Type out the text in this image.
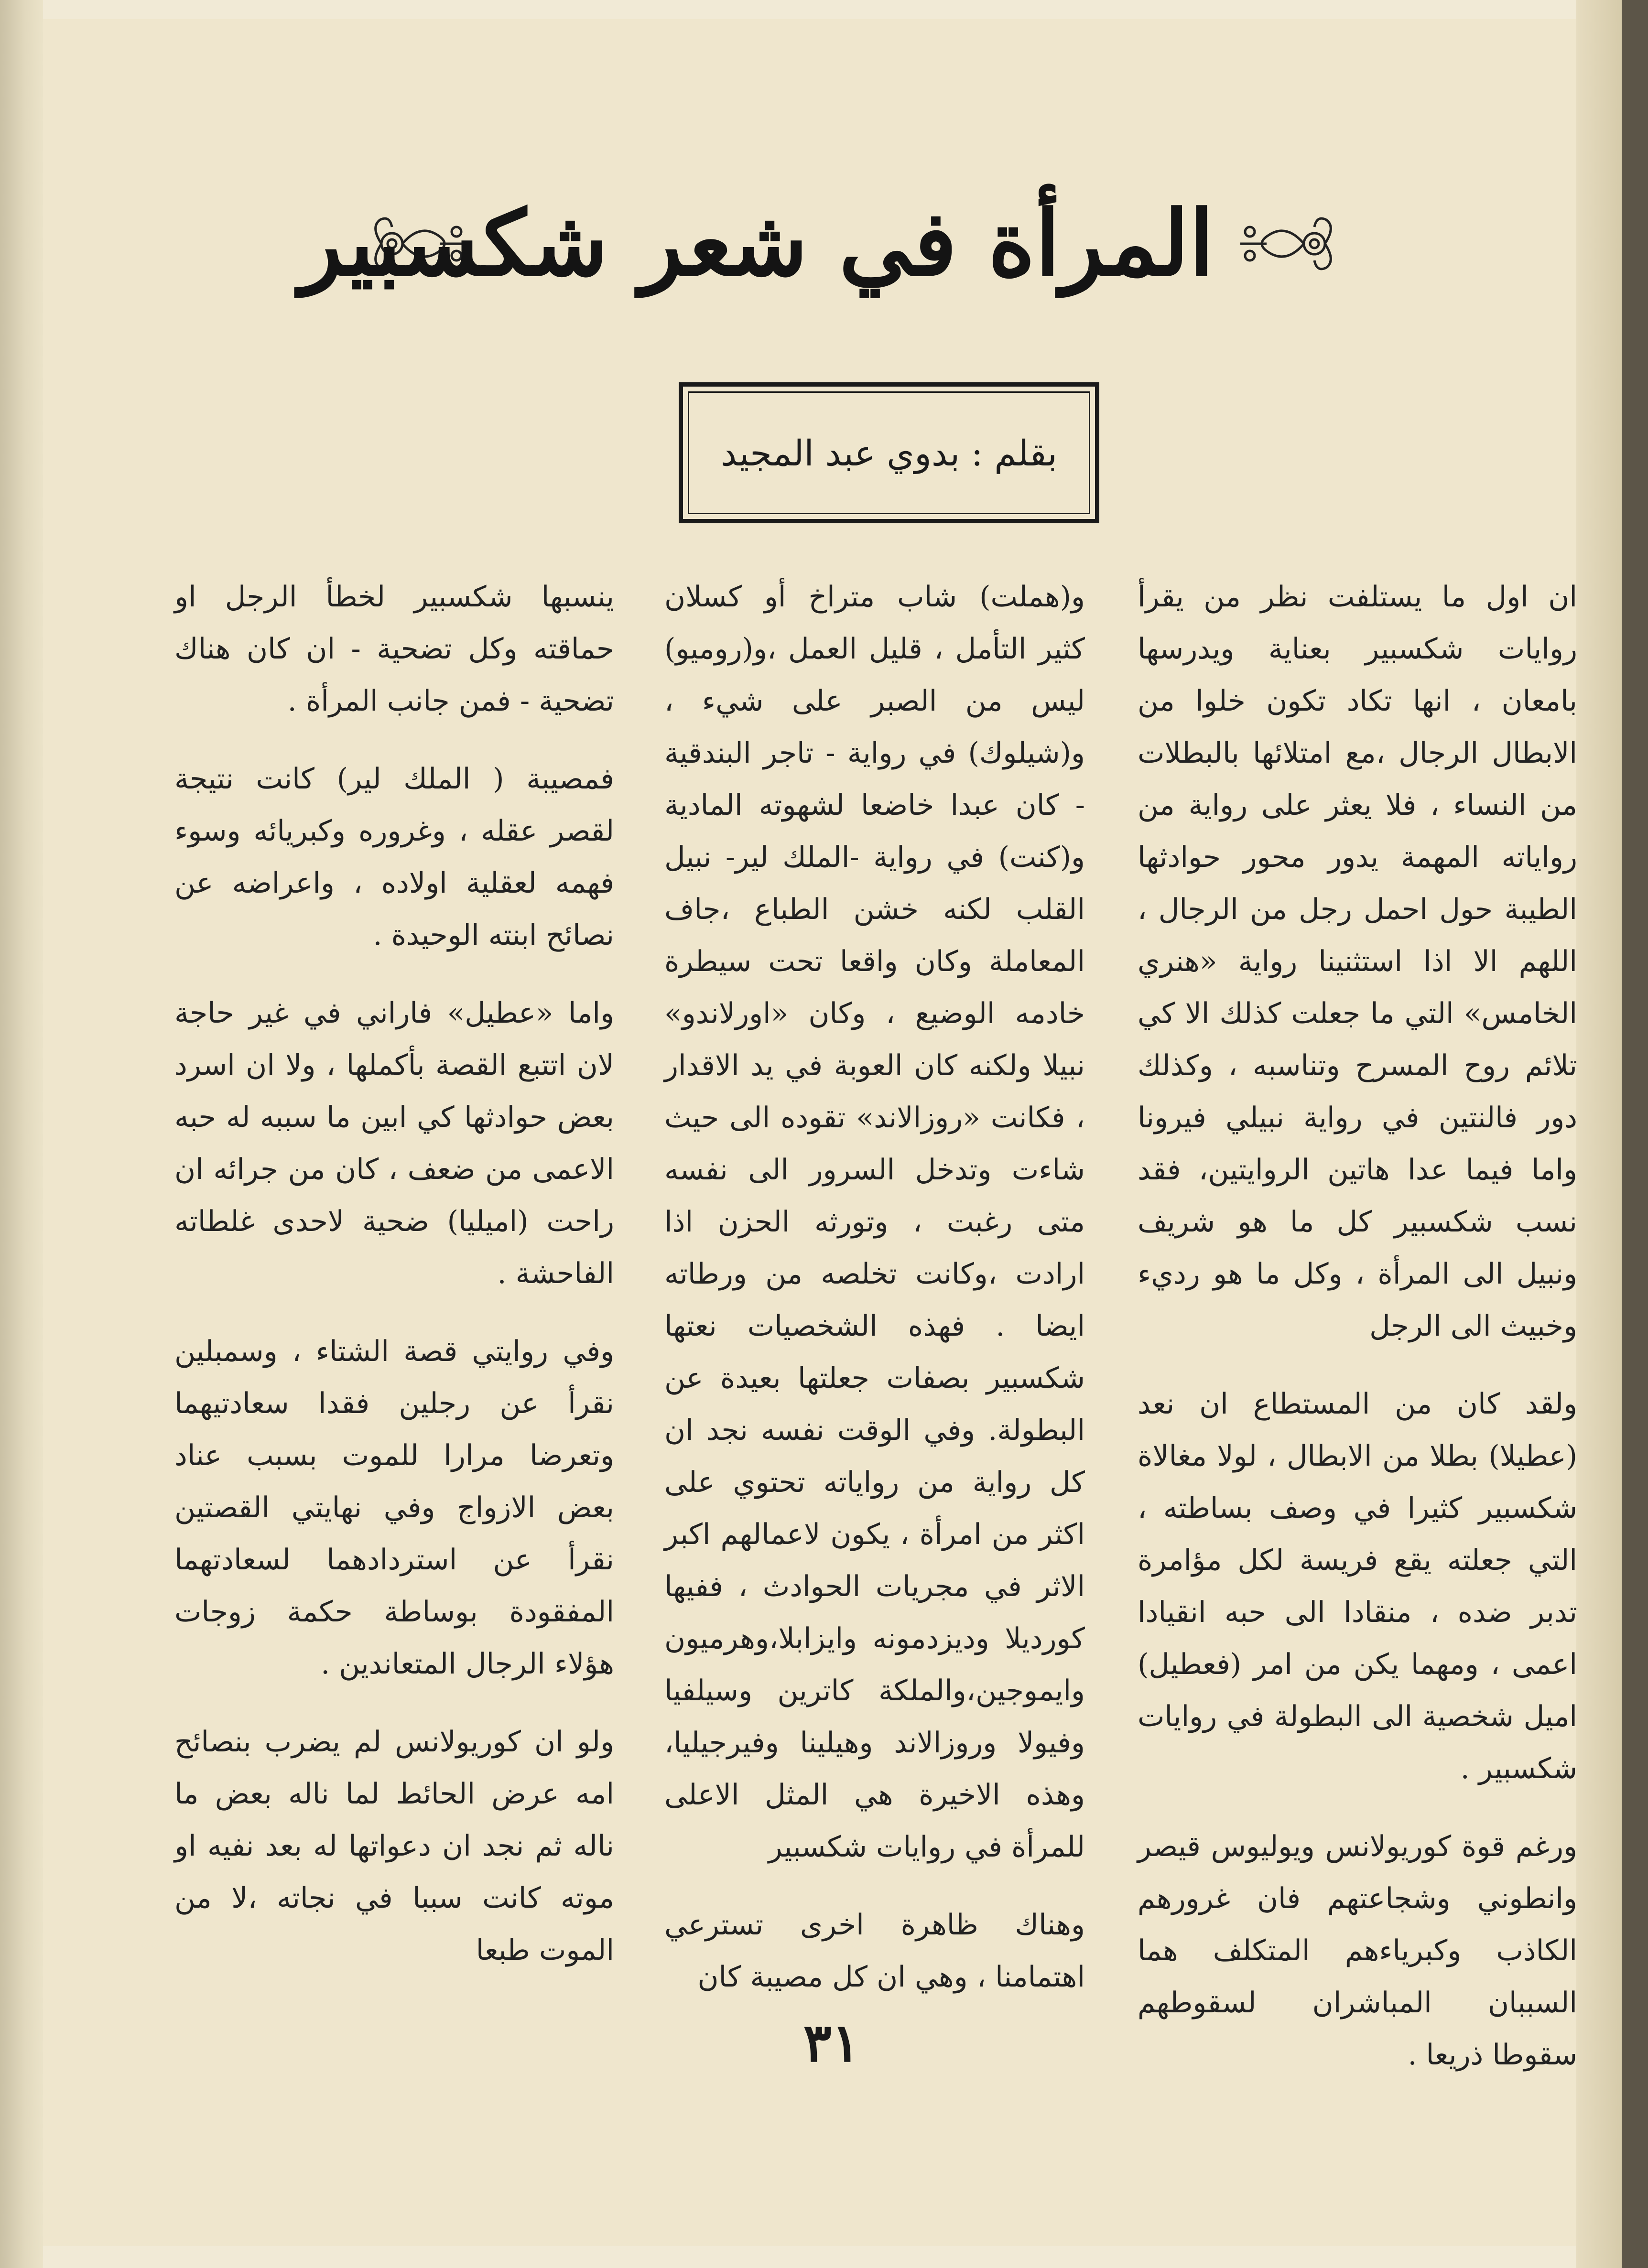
المرأة في شعر شكسبير
بقلم : بدوي عبد المجيد

ان اول ما يستلفت نظر من يقرأ روايات شكسبير بعناية ويدرسها بامعان ، انها تكاد تكون خلوا من الابطال الرجال ،مع امتلائها بالبطلات من النساء ، فلا يعثر على رواية من رواياته المهمة يدور محور حوادثها الطيبة حول احمل رجل من الرجال ، اللهم الا اذا استثنينا رواية «هنري الخامس» التي ما جعلت كذلك الا كي تلائم روح المسرح وتناسبه ، وكذلك دور فالنتين في رواية نبيلي فيرونا واما فيما عدا هاتين الروايتين، فقد نسب شكسبير كل ما هو شريف ونبيل الى المرأة ، وكل ما هو رديء وخبيث الى الرجل

ولقد كان من المستطاع ان نعد (عطيلا) بطلا من الابطال ، لولا مغالاة شكسبير كثيرا في وصف بساطته ، التي جعلته يقع فريسة لكل مؤامرة تدبر ضده ، منقادا الى حبه انقيادا اعمى ، ومهما يكن من امر (فعطيل) اميل شخصية الى البطولة في روايات شكسبير .

ورغم قوة كوريولانس ويوليوس قيصر وانطوني وشجاعتهم فان غرورهم الكاذب وكبرياءهم المتكلف هما السببان المباشران لسقوطهم سقوطا ذريعا .

و(هملت) شاب متراخ أو كسلان كثير التأمل ، قليل العمل ،و(روميو) ليس من الصبر على شيء ، و(شيلوك) في رواية - تاجر البندقية - كان عبدا خاضعا لشهوته المادية و(كنت) في رواية -الملك لير- نبيل القلب لكنه خشن الطباع ،جاف المعاملة وكان واقعا تحت سيطرة خادمه الوضيع ، وكان «اورلاندو» نبيلا ولكنه كان العوبة في يد الاقدار ، فكانت «روزالاند» تقوده الى حيث شاءت وتدخل السرور الى نفسه متى رغبت ، وتورثه الحزن اذا ارادت ،وكانت تخلصه من ورطاته ايضا . فهذه الشخصيات نعتها شكسبير بصفات جعلتها بعيدة عن البطولة. وفي الوقت نفسه نجد ان كل رواية من رواياته تحتوي على اكثر من امرأة ، يكون لاعمالهم اكبر الاثر في مجريات الحوادث ، ففيها كورديلا وديزدمونه وايزابلا،وهرميون وايموجين،والملكة كاترين وسيلفيا وفيولا وروزالاند وهيلينا وفيرجيليا، وهذه الاخيرة هي المثل الاعلى للمرأة في روايات شكسبير

وهناك ظاهرة اخرى تسترعي اهتمامنا ، وهي ان كل مصيبة كان

ينسبها شكسبير لخطأ الرجل او حماقته وكل تضحية - ان كان هناك تضحية - فمن جانب المرأة .

فمصيبة ( الملك لير) كانت نتيجة لقصر عقله ، وغروره وكبريائه وسوء فهمه لعقلية اولاده ، واعراضه عن نصائح ابنته الوحيدة .

واما «عطيل» فاراني في غير حاجة لان اتتبع القصة بأكملها ، ولا ان اسرد بعض حوادثها كي ابين ما سببه له حبه الاعمى من ضعف ، كان من جرائه ان راحت (اميليا) ضحية لاحدى غلطاته الفاحشة .

وفي روايتي قصة الشتاء ، وسمبلين نقرأ عن رجلين فقدا سعادتيهما وتعرضا مرارا للموت بسبب عناد بعض الازواج وفي نهايتي القصتين نقرأ عن استردادهما لسعادتهما المفقودة بوساطة حكمة زوجات هؤلاء الرجال المتعاندين .

ولو ان كوريولانس لم يضرب بنصائح امه عرض الحائط لما ناله بعض ما ناله ثم نجد ان دعواتها له بعد نفيه او موته كانت سببا في نجاته ،لا من الموت طبعا

٣١
